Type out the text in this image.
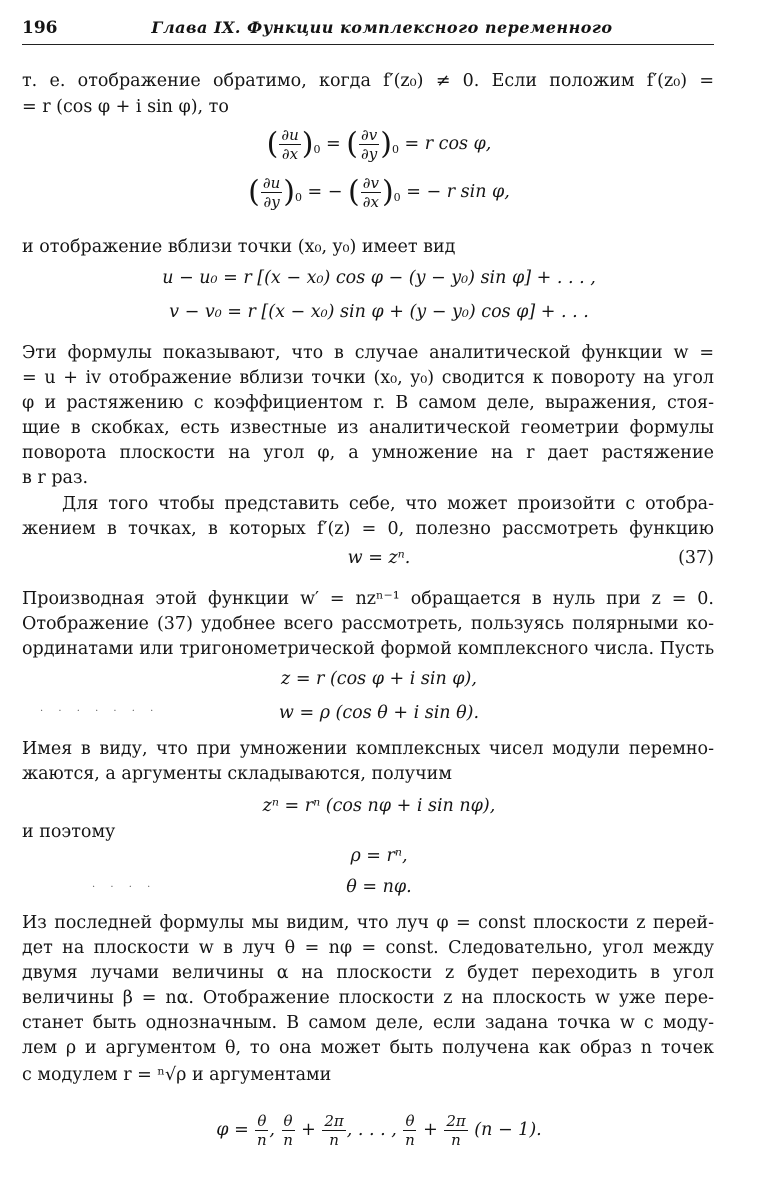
196	Глава IX. Функции комплексного переменного
т. е. отображение обратимо, когда f′(z₀) ≠ 0. Если положим f′(z₀) =
= r (cos φ + i sin φ), то
( $\frac{\partial u}{\partial x} )_0$ = ( $\frac{\partial v}{\partial y} )_0 = r$ cos φ,
( $\frac{\partial u}{\partial y} )_0$ = − ( $\frac{\partial v}{\partial x} )_0$ = − r sin φ,
и отображение вблизи точки (x₀, y₀) имеет вид
u − u₀ = r [(x − x₀) cos φ − (y − y₀) sin φ] + . . . ,
v − v₀ = r [(x − x₀) sin φ + (y − y₀) cos φ] + . . .
Эти формулы показывают, что в случае аналитической функции w =
= u + iv отображение вблизи точки (x₀, y₀) сводится к повороту на угол
φ и растяжению с коэффициентом r. В самом деле, выражения, стоя-
щие в скобках, есть известные из аналитической геометрии формулы
поворота плоскости на угол φ, а умножение на r дает растяжение
в r раз.
Для того чтобы представить себе, что может произойти с отобра-
жением в точках, в которых f′(z) = 0, полезно рассмотреть функцию
w = zⁿ.	(37)
Производная этой функции w′ = nzⁿ⁻¹ обращается в нуль при z = 0.
Отображение (37) удобнее всего рассмотреть, пользуясь полярными ко-
ординатами или тригонометрической формой комплексного числа. Пусть
z = r (cos φ + i sin φ),
· · · · · · ·	w = ρ (cos θ + i sin θ).
Имея в виду, что при умножении комплексных чисел модули перемно-
жаются, а аргументы складываются, получим
zⁿ = rⁿ (cos nφ + i sin nφ),
и поэтому
ρ = rⁿ,
· · · ·	θ = nφ.
Из последней формулы мы видим, что луч φ = const плоскости z перей-
дет на плоскости w в луч θ = nφ = const. Следовательно, угол между
двумя лучами величины α на плоскости z будет переходить в угол
величины β = nα. Отображение плоскости z на плоскость w уже пере-
станет быть однозначным. В самом деле, если задана точка w с моду-
лем ρ и аргументом θ, то она может быть получена как образ n точек
с модулем r = ⁿ√ρ и аргументами
$\varphi = \frac{\theta}{n}$ , $\frac{\theta}{n} + \frac{2\pi}{n}$ , . . . , $\frac{\theta}{n} + \frac{2\pi}{n} (n - 1)$.
